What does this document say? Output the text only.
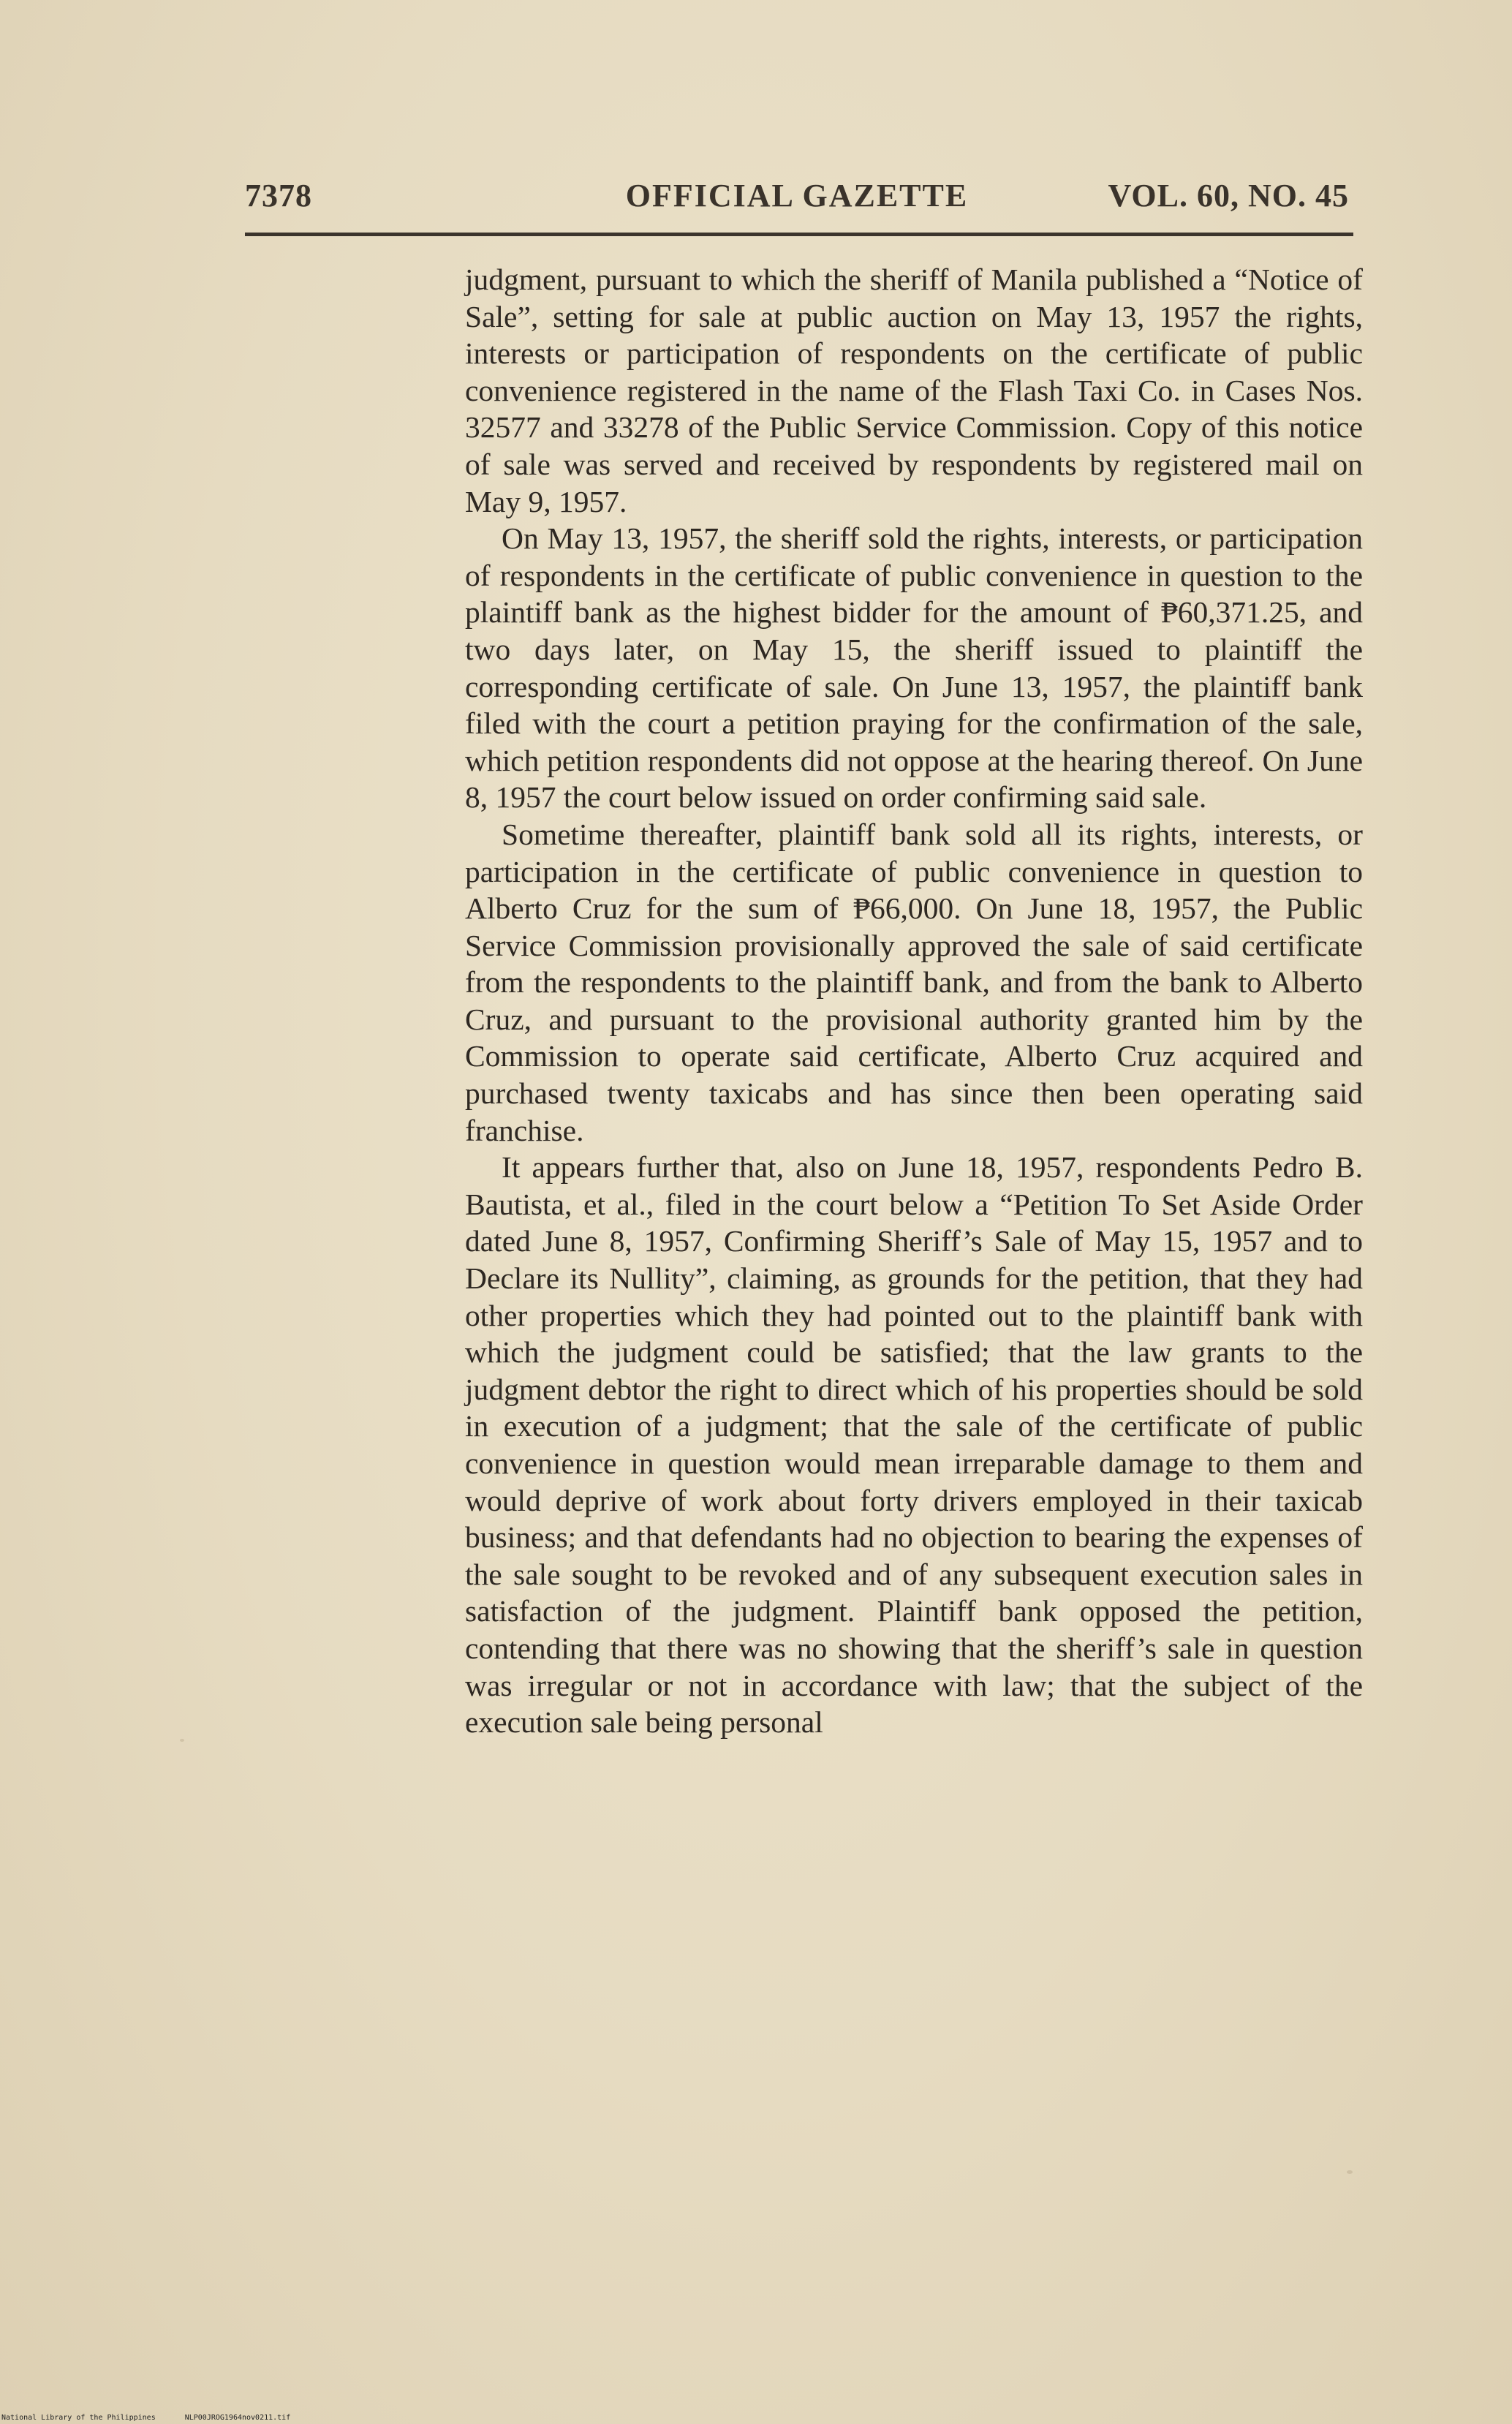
7378	OFFICIAL GAZETTE	VOL. 60, NO. 45

judgment, pursuant to which the sheriff of Manila published a “Notice of Sale”, setting for sale at public auction on May 13, 1957 the rights, interests or participation of respondents on the certificate of public convenience registered in the name of the Flash Taxi Co. in Cases Nos. 32577 and 33278 of the Public Service Commission. Copy of this notice of sale was served and received by respondents by registered mail on May 9, 1957.

On May 13, 1957, the sheriff sold the rights, interests, or participation of respondents in the certificate of public convenience in question to the plaintiff bank as the highest bidder for the amount of ₱60,371.25, and two days later, on May 15, the sheriff issued to plaintiff the corresponding certificate of sale. On June 13, 1957, the plaintiff bank filed with the court a petition praying for the confirmation of the sale, which petition respondents did not oppose at the hearing thereof. On June 8, 1957 the court below issued on order confirming said sale.

Sometime thereafter, plaintiff bank sold all its rights, interests, or participation in the certificate of public convenience in question to Alberto Cruz for the sum of ₱66,000. On June 18, 1957, the Public Service Commission provisionally approved the sale of said certificate from the respondents to the plaintiff bank, and from the bank to Alberto Cruz, and pursuant to the provisional authority granted him by the Commission to operate said certificate, Alberto Cruz acquired and purchased twenty taxicabs and has since then been operating said franchise.

It appears further that, also on June 18, 1957, respondents Pedro B. Bautista, et al., filed in the court below a “Petition To Set Aside Order dated June 8, 1957, Confirming Sheriff’s Sale of May 15, 1957 and to Declare its Nullity”, claiming, as grounds for the petition, that they had other properties which they had pointed out to the plaintiff bank with which the judgment could be satisfied; that the law grants to the judgment debtor the right to direct which of his properties should be sold in execution of a judgment; that the sale of the certificate of public convenience in question would mean irreparable damage to them and would deprive of work about forty drivers employed in their taxicab business; and that defendants had no objection to bearing the expenses of the sale sought to be revoked and of any subsequent execution sales in satisfaction of the judgment. Plaintiff bank opposed the petition, contending that there was no showing that the sheriff’s sale in question was irregular or not in accordance with law; that the subject of the execution sale being personal

National Library of the Philippines	NLP00JROG1964nov0211.tif
